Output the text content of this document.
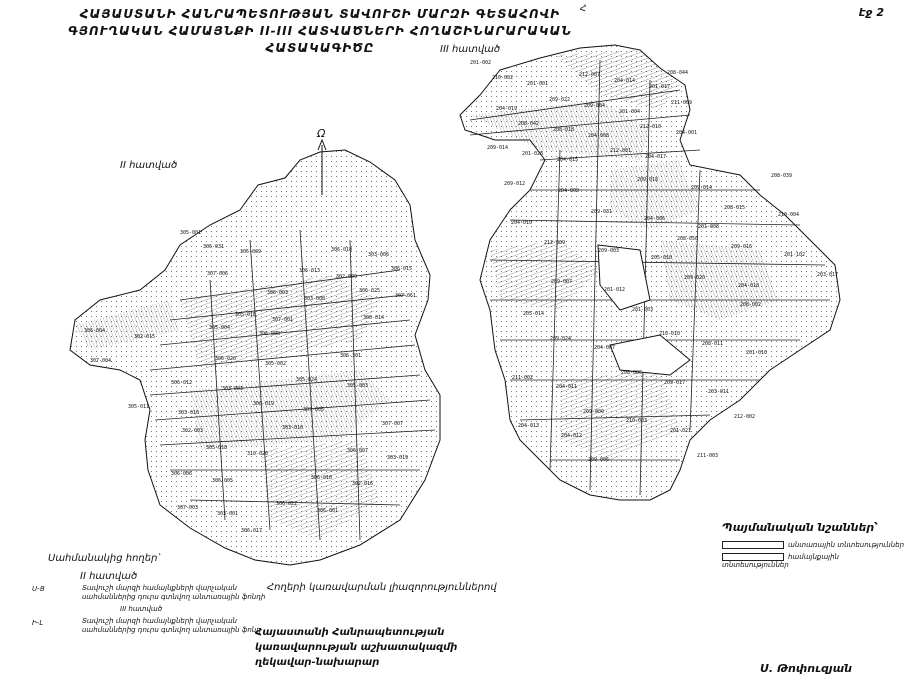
ՀԱՅԱՍՏԱՆԻ ՀԱՆՐԱՊԵՏՈՒԹՅԱՆ ՏԱՎՈՒՇԻ ՄԱՐԶԻ ԳԵՏԱՀՈՎԻ
ԳՅՈՒՂԱԿԱՆ ՀԱՄԱՅՆՔԻ II-III ՀԱՏՎԱԾՆԵՐԻ ՀՈՂԱՇԻՆԱՐԱՐԱԿԱՆ ՀԱՏԱԿԱԳԻԾԸ
էջ 2
Հ
305-001
305-002
303-001
303-006
303-003
302-003
302-009
303-010
303-019
303-008
302-015
302-016
307-001
307-004
306-001
305-009
305-003
303-010
307-006
307-005
310-020
307-061
306-008
306-005
306-014
306-020
307-003
306-010
306-012
307-007
306-013
305-011
306-007
306-003
306-004
306-016
305-018
306-301
306-022
306-031
305-024
306-017
306-015
306-019
305-018
306-025
305-004
306-006
201-002
201-008
204-012
201-017
205-010
205-014
201-004
201-012
201-010
204-008
204-009
203-011
204-015
204-010
201-021
201-001
201-102
201-003
204-019
204-018
204-007
204-001
209-014
204-011
204-017
204-006
204-013
204-014
209-003
208-002
209-004
209-007
208-011
208-018
209-012
209-017
201-028
210-004
210-003
210-002
209-016
209-006
211-009
209-020
209-024
212-010
209-018
211-002
212-001
209-031
212-002
212-007
212-009
211-003
209-022
203-017
210-010
208-042
208-039
208-006
209-014
208-015
209-009
208-044
208-050
III հատված
II հատված
Ω
Հողերի կառավարման լիազորություններով
Պայմանական նշաններ՝
անտառային տնտեսություններ
համայնքային տնտեսություններ
Սահմանակից հողեր՝
II հատված
Ս-Ց	Տավուշի մարզի համայնքների վարչական
սահմաններից դուրս գտնվող անտառային ֆոնդի
III հատված
Ի-Լ	Տավուշի մարզի համայնքների վարչական
սահմաններից դուրս գտնվող անտառային ֆոնդ
Հայաստանի Հանրապետության
կառավարության աշխատակազմի
ղեկավար-նախարար	Ս. Թոփուզյան
